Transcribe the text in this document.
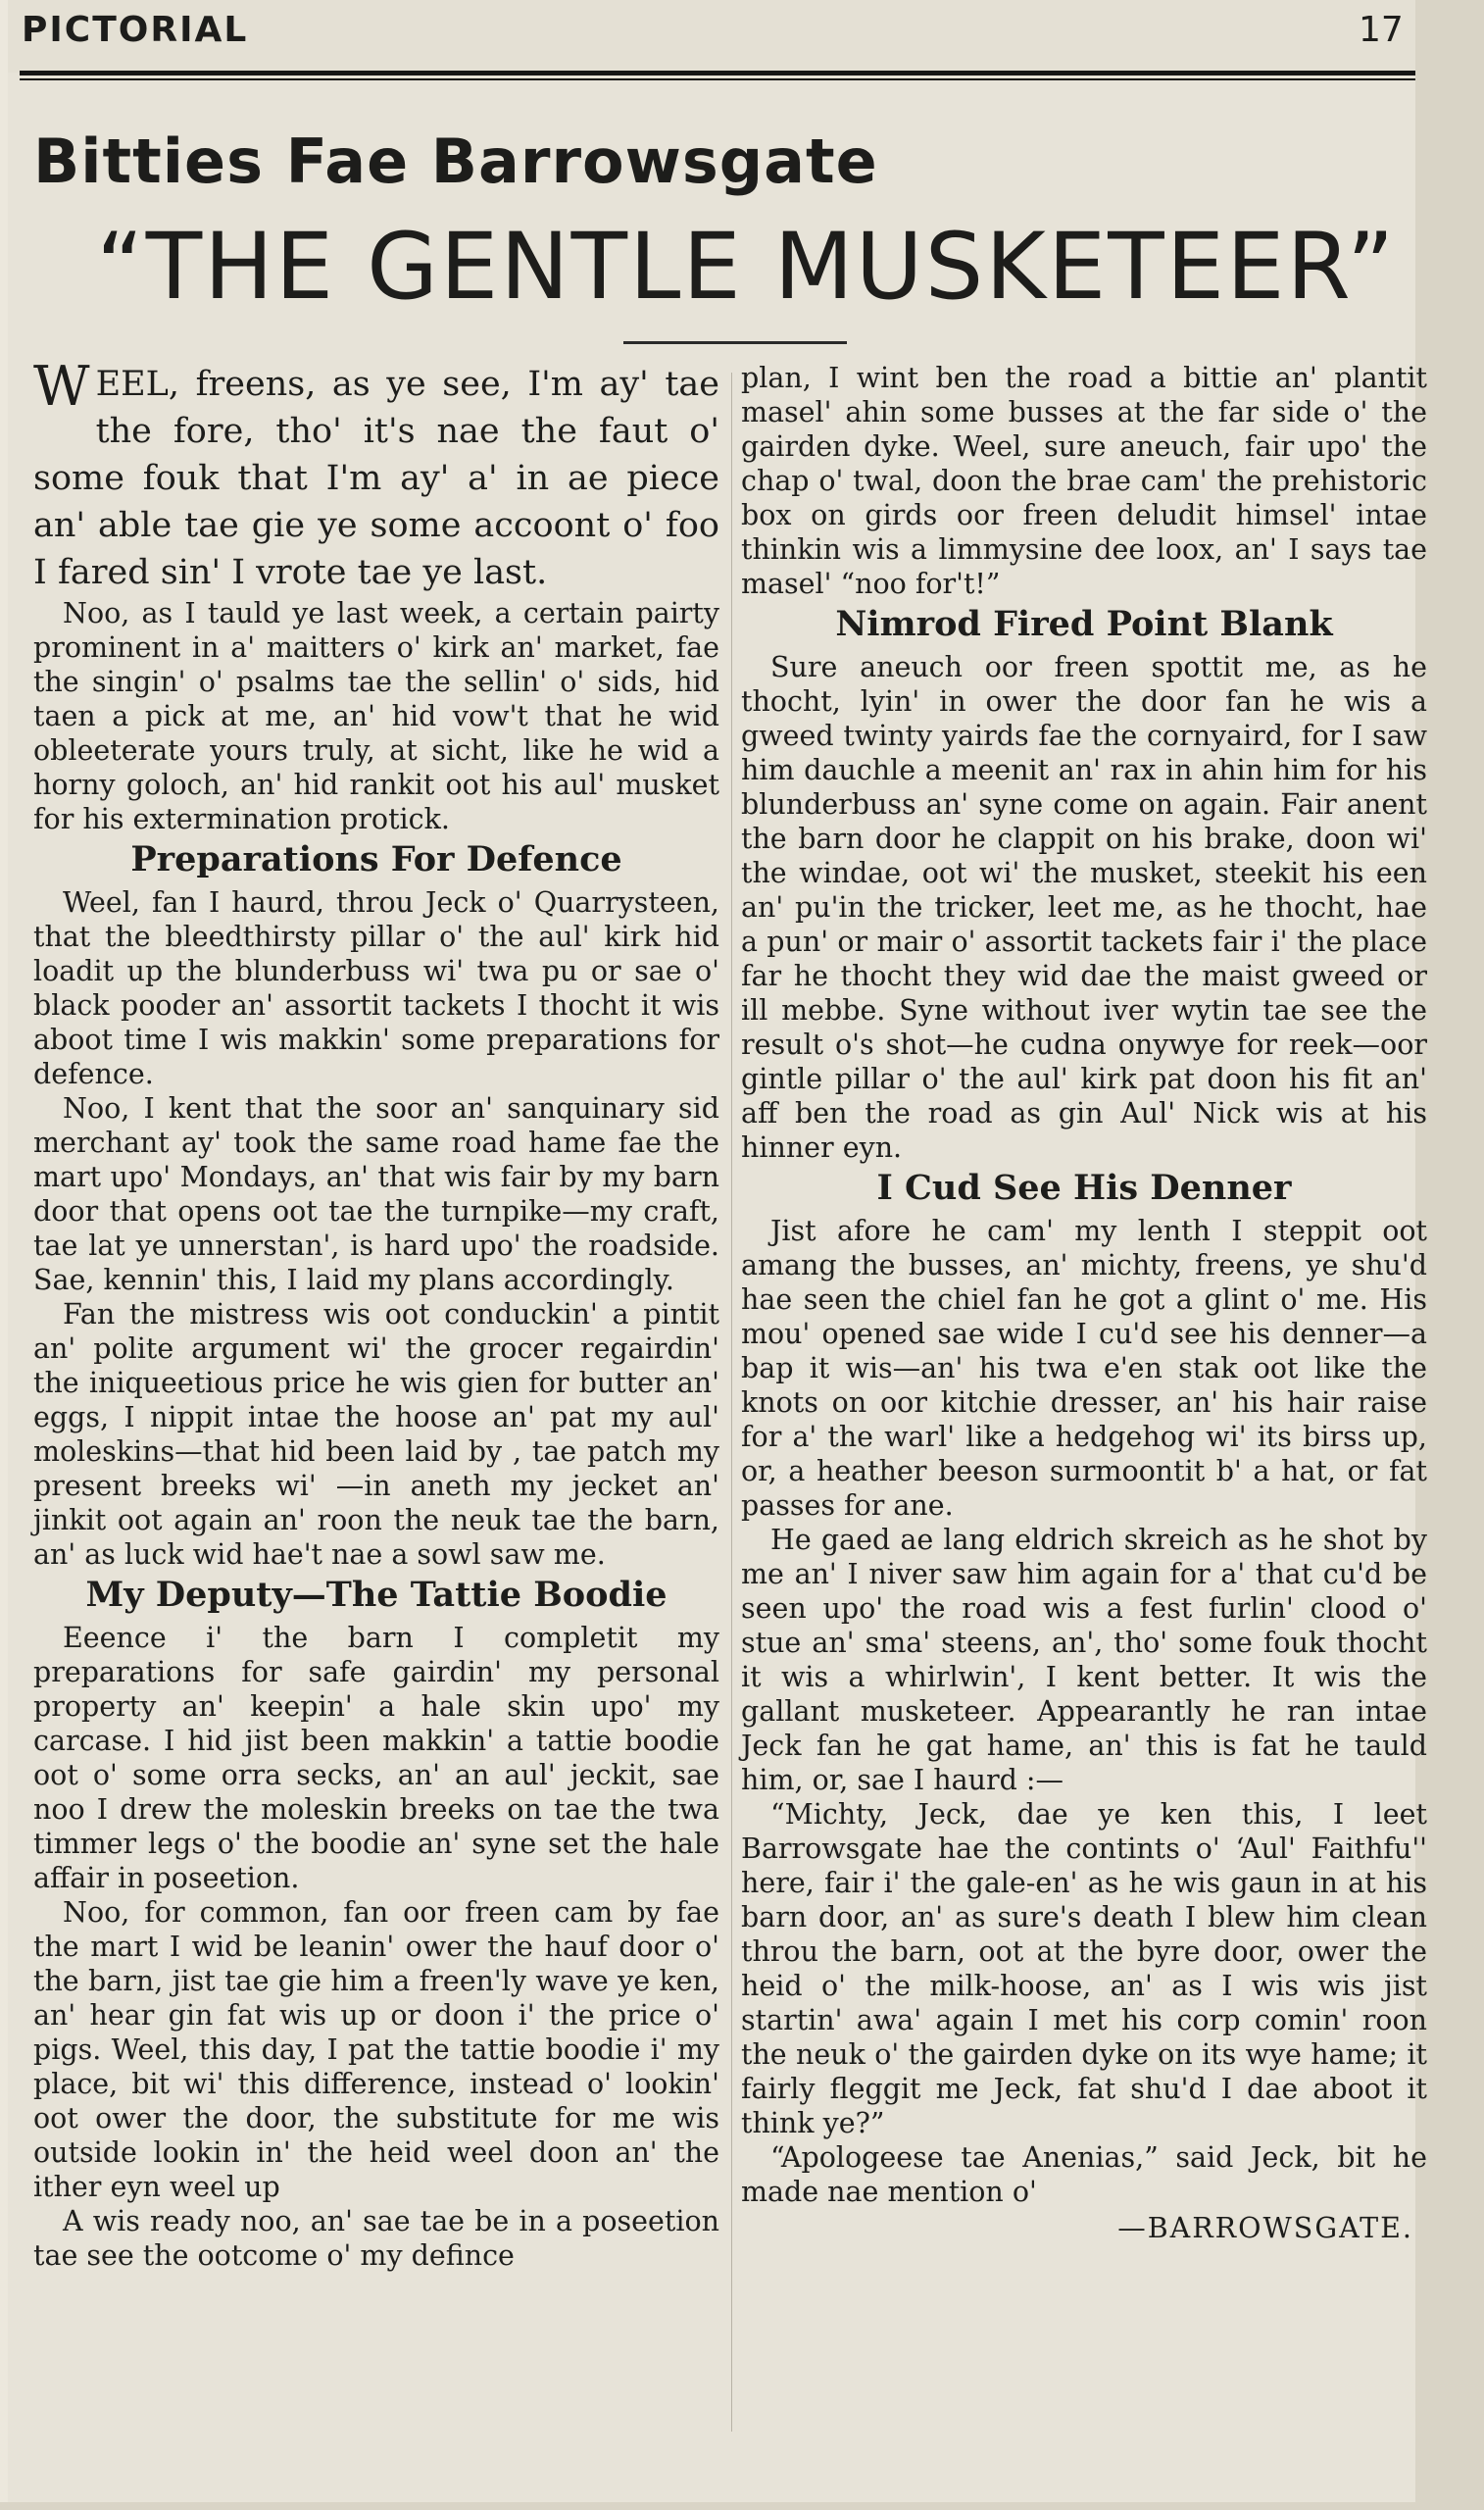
PICTORIAL	17
Bitties Fae Barrowsgate
“THE GENTLE MUSKETEER”

WEEL, freens, as ye see, I'm ay' tae the fore, tho' it's nae the faut o' some fouk that I'm ay' a' in ae piece an' able tae gie ye some accoont o' foo I fared sin' I vrote tae ye last.

Noo, as I tauld ye last week, a certain pairty prominent in a' maitters o' kirk an' market, fae the singin' o' psalms tae the sellin' o' sids, hid taen a pick at me, an' hid vow't that he wid obleeterate yours truly, at sicht, like he wid a horny goloch, an' hid rankit oot his aul' musket for his extermination protick.

Preparations For Defence

Weel, fan I haurd, throu Jeck o' Quarrysteen, that the bleedthirsty pillar o' the aul' kirk hid loadit up the blunderbuss wi' twa pu or sae o' black pooder an' assortit tackets I thocht it wis aboot time I wis makkin' some preparations for defence.

Noo, I kent that the soor an' sanquinary sid merchant ay' took the same road hame fae the mart upo' Mondays, an' that wis fair by my barn door that opens oot tae the turnpike—my craft, tae lat ye unnerstan', is hard upo' the roadside. Sae, kennin' this, I laid my plans accordingly.

Fan the mistress wis oot conduckin' a pintit an' polite argument wi' the grocer regairdin' the iniqueetious price he wis gien for butter an' eggs, I nippit intae the hoose an' pat my aul' moleskins—that hid been laid by , tae patch my present breeks wi' —in aneth my jecket an' jinkit oot again an' roon the neuk tae the barn, an' as luck wid hae't nae a sowl saw me.

My Deputy—The Tattie Boodie

Eeence i' the barn I completit my preparations for safe gairdin' my personal property an' keepin' a hale skin upo' my carcase. I hid jist been makkin' a tattie boodie oot o' some orra secks, an' an aul' jeckit, sae noo I drew the moleskin breeks on tae the twa timmer legs o' the boodie an' syne set the hale affair in poseetion.

Noo, for common, fan oor freen cam by fae the mart I wid be leanin' ower the hauf door o' the barn, jist tae gie him a freen'ly wave ye ken, an' hear gin fat wis up or doon i' the price o' pigs. Weel, this day, I pat the tattie boodie i' my place, bit wi' this difference, instead o' lookin' oot ower the door, the substitute for me wis outside lookin in' the heid weel doon an' the ither eyn weel up

A wis ready noo, an' sae tae be in a poseetion tae see the ootcome o' my defince

plan, I wint ben the road a bittie an' plantit masel' ahin some busses at the far side o' the gairden dyke. Weel, sure aneuch, fair upo' the chap o' twal, doon the brae cam' the prehistoric box on girds oor freen deludit himsel' intae thinkin wis a limmysine dee loox, an' I says tae masel' “noo for't!”

Nimrod Fired Point Blank

Sure aneuch oor freen spottit me, as he thocht, lyin' in ower the door fan he wis a gweed twinty yairds fae the cornyaird, for I saw him dauchle a meenit an' rax in ahin him for his blunderbuss an' syne come on again. Fair anent the barn door he clappit on his brake, doon wi' the windae, oot wi' the musket, steekit his een an' pu'in the tricker, leet me, as he thocht, hae a pun' or mair o' assortit tackets fair i' the place far he thocht they wid dae the maist gweed or ill mebbe. Syne without iver wytin tae see the result o's shot—he cudna onywye for reek—oor gintle pillar o' the aul' kirk pat doon his fit an' aff ben the road as gin Aul' Nick wis at his hinner eyn.

I Cud See His Denner

Jist afore he cam' my lenth I steppit oot amang the busses, an' michty, freens, ye shu'd hae seen the chiel fan he got a glint o' me. His mou' opened sae wide I cu'd see his denner—a bap it wis—an' his twa e'en stak oot like the knots on oor kitchie dresser, an' his hair raise for a' the warl' like a hedgehog wi' its birss up, or, a heather beeson surmoontit b' a hat, or fat passes for ane.

He gaed ae lang eldrich skreich as he shot by me an' I niver saw him again for a' that cu'd be seen upo' the road wis a fest furlin' clood o' stue an' sma' steens, an', tho' some fouk thocht it wis a whirlwin', I kent better. It wis the gallant musketeer. Appearantly he ran intae Jeck fan he gat hame, an' this is fat he tauld him, or, sae I haurd :—

“Michty, Jeck, dae ye ken this, I leet Barrowsgate hae the contints o' ‘Aul' Faithfu'' here, fair i' the gale-en' as he wis gaun in at his barn door, an' as sure's death I blew him clean throu the barn, oot at the byre door, ower the heid o' the milk-hoose, an' as I wis wis jist startin' awa' again I met his corp comin' roon the neuk o' the gairden dyke on its wye hame; it fairly fleggit me Jeck, fat shu'd I dae aboot it think ye?”

“Apologeese tae Anenias,” said Jeck, bit he made nae mention o'

—BARROWSGATE.
